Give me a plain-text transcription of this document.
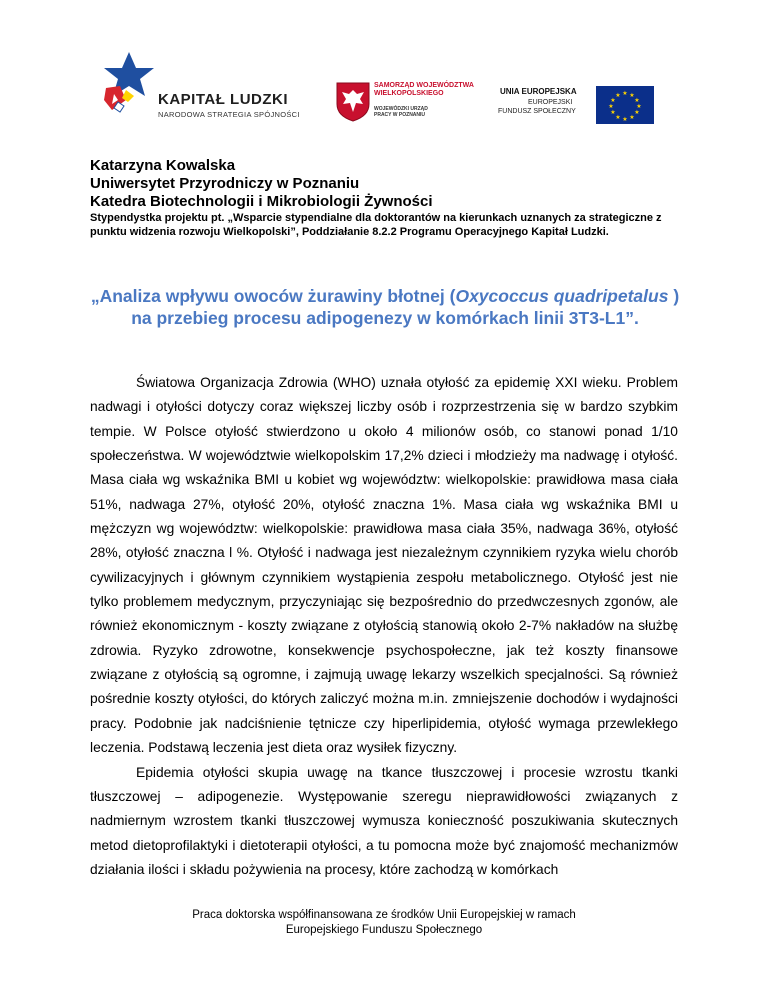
KAPITAŁ LUDZKI
NARODOWA STRATEGIA SPÓJNOŚCI
SAMORZĄD WOJEWÓDZTWA
WIELKOPOLSKIEGO
WOJEWÓDZKI URZĄD PRACY W POZNANIU
UNIA EUROPEJSKA
EUROPEJSKI
FUNDUSZ SPOŁECZNY
★ ★
★
★
★
★
★
★
★
★
★
★
Katarzyna Kowalska
Uniwersytet Przyrodniczy w Poznaniu
Katedra Biotechnologii i Mikrobiologii Żywności
Stypendystka projektu pt. „Wsparcie stypendialne dla doktorantów na kierunkach uznanych za strategiczne z punktu widzenia rozwoju Wielkopolski”, Poddziałanie 8.2.2 Programu Operacyjnego Kapitał Ludzki.
„Analiza wpływu owoców żurawiny błotnej (Oxycoccus quadripetalus ) na przebieg procesu adipogenezy w komórkach linii 3T3-L1”.

Światowa Organizacja Zdrowia (WHO) uznała otyłość za epidemię XXI wieku. Problem nadwagi i otyłości dotyczy coraz większej liczby osób i rozprzestrzenia się w bardzo szybkim tempie. W Polsce otyłość stwierdzono u około 4 milionów osób, co stanowi ponad 1/10 społeczeństwa. W województwie wielkopolskim 17,2% dzieci i młodzieży ma nadwagę i otyłość. Masa ciała wg wskaźnika BMI u kobiet wg województw: wielkopolskie: prawidłowa masa ciała 51%, nadwaga 27%, otyłość 20%, otyłość znaczna 1%. Masa ciała wg wskaźnika BMI u mężczyzn wg województw: wielkopolskie: prawidłowa masa ciała 35%, nadwaga 36%, otyłość 28%, otyłość znaczna l %. Otyłość i nadwaga jest niezależnym czynnikiem ryzyka wielu chorób cywilizacyjnych i głównym czynnikiem wystąpienia zespołu metabolicznego. Otyłość jest nie tylko problemem medycznym, przyczyniając się bezpośrednio do przedwczesnych zgonów, ale również ekonomicznym - koszty związane z otyłością stanowią około 2-7% nakładów na służbę zdrowia. Ryzyko zdrowotne, konsekwencje psychospołeczne, jak też koszty finansowe związane z otyłością są ogromne, i zajmują uwagę lekarzy wszelkich specjalności. Są również pośrednie koszty otyłości, do których zaliczyć można m.in. zmniejszenie dochodów i wydajności pracy. Podobnie jak nadciśnienie tętnicze czy hiperlipidemia, otyłość wymaga przewlekłego leczenia. Podstawą leczenia jest dieta oraz wysiłek fizyczny.

Epidemia otyłości skupia uwagę na tkance tłuszczowej i procesie wzrostu tkanki tłuszczowej – adipogenezie. Występowanie szeregu nieprawidłowości związanych z nadmiernym wzrostem tkanki tłuszczowej wymusza konieczność poszukiwania skutecznych metod dietoprofilaktyki i dietoterapii otyłości, a tu pomocna może być znajomość mechanizmów działania ilości i składu pożywienia na procesy, które zachodzą w komórkach

Praca doktorska współfinansowana ze środków Unii Europejskiej w ramach
Europejskiego Funduszu Społecznego
